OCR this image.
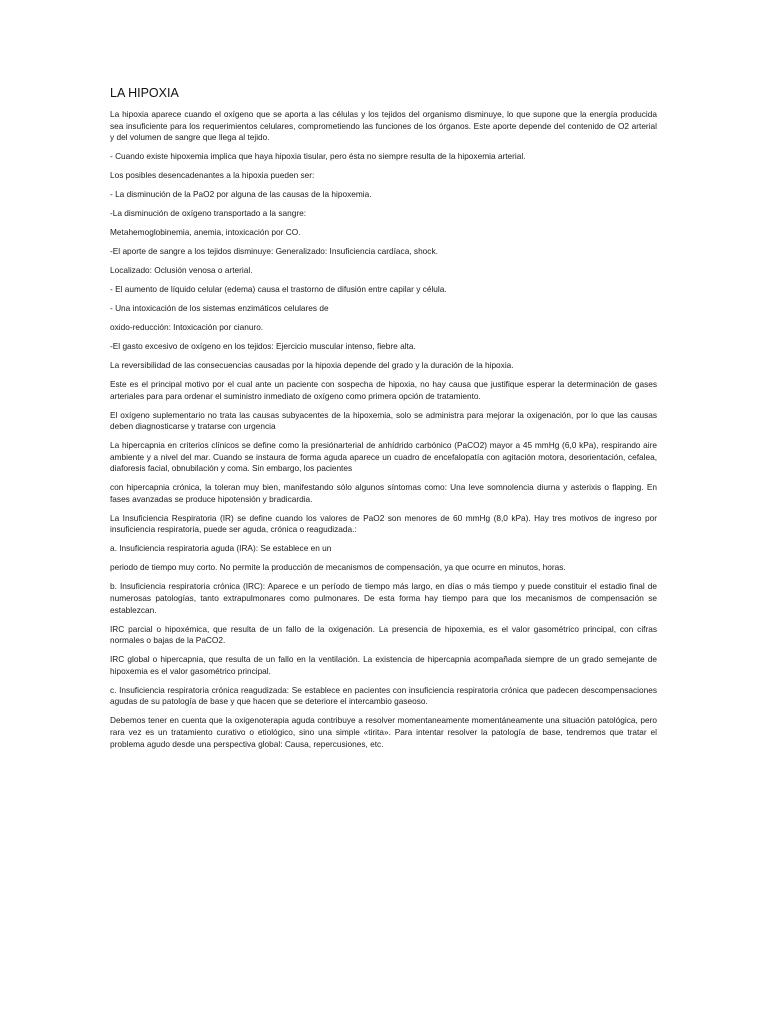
LA HIPOXIA

La hipoxia aparece cuando el oxígeno que se aporta a las células y los tejidos del organismo disminuye, lo que supone que la energía producida sea insuficiente para los requerimientos celulares, comprometiendo las funciones de los órganos. Este aporte depende del contenido de O2 arterial y del volumen de sangre que llega al tejido.

- Cuando existe hipoxemia implica que haya hipoxia tisular, pero ésta no siempre resulta de la hipoxemia arterial.

Los posibles desencadenantes a la hipoxia pueden ser:

- La disminución de la PaO2 por alguna de las causas de la hipoxemia.

-La disminución de oxígeno transportado a la sangre:

Metahemoglobinemia, anemia, intoxicación por CO.

-El aporte de sangre a los tejidos disminuye: Generalizado: Insuficiencia cardíaca, shock.

Localizado: Oclusión venosa o arterial.

- El aumento de líquido celular (edema) causa el trastorno de difusión entre capilar y célula.

- Una intoxicación de los sistemas enzimáticos celulares de

oxido-reducción: Intoxicación por cianuro.

-El gasto excesivo de oxígeno en los tejidos: Ejercicio muscular intenso, fiebre alta.

La reversibilidad de las consecuencias causadas por la hipoxia depende del grado y la duración de la hipoxia.

Este es el principal motivo por el cual ante un paciente con sospecha de hipoxia, no hay causa que justifique esperar la determinación de gases arteriales para para ordenar el suministro inmediato de oxígeno como primera opción de tratamiento.

El oxígeno suplementario no trata las causas subyacentes de la hipoxemia, solo se administra para mejorar la oxigenación, por lo que las causas deben diagnosticarse y tratarse con urgencia

La hipercapnia en criterios clínicos se define como la presiónarterial de anhídrido carbónico (PaCO2) mayor a 45 mmHg (6,0 kPa), respirando aire ambiente y a nivel del mar. Cuando se instaura de forma aguda aparece un cuadro de encefalopatía con agitación motora, desorientación, cefalea, diaforesis facial, obnubilación y coma. Sin embargo, los pacientes

con hipercapnia crónica, la toleran muy bien, manifestando sólo algunos síntomas como: Una leve somnolencia diurna y asterixis o flapping. En fases avanzadas se produce hipotensión y bradicardia.

La Insuficiencia Respiratoria (IR) se define cuando los valores de PaO2 son menores de 60 mmHg (8,0 kPa). Hay tres motivos de ingreso por insuficiencia respiratoria, puede ser aguda, crónica o reagudizada.:

a. Insuficiencia respiratoria aguda (IRA): Se establece en un

periodo de tiempo muy corto. No permite la producción de mecanismos de compensación, ya que ocurre en minutos, horas.

b. Insuficiencia respiratoria crónica (IRC): Aparece e un período de tiempo más largo, en días o más tiempo y puede constituir el estadio final de numerosas patologías, tanto extrapulmonares como pulmonares. De esta forma hay tiempo para que los mecanismos de compensación se establezcan.

IRC parcial o hipoxémica, que resulta de un fallo de la oxigenación. La presencia de hipoxemia, es el valor gasométrico principal, con cifras normales o bajas de la PaCO2.

IRC global o hipercapnia, que resulta de un fallo en la ventilación. La existencia de hipercapnia acompañada siempre de un grado semejante de hipoxemia es el valor gasométrico principal.

c. Insuficiencia respiratoria crónica reagudizada: Se establece en pacientes con insuficiencia respiratoria crónica que padecen descompensaciones agudas de su patología de base y que hacen que se deteriore el intercambio gaseoso.

Debemos tener en cuenta que la oxigenoterapia aguda contribuye a resolver momentaneamente momentáneamente una situación patológica, pero rara vez es un tratamiento curativo o etiológico, sino una simple «tirita». Para intentar resolver la patología de base, tendremos que tratar el problema agudo desde una perspectiva global: Causa, repercusiones, etc.
